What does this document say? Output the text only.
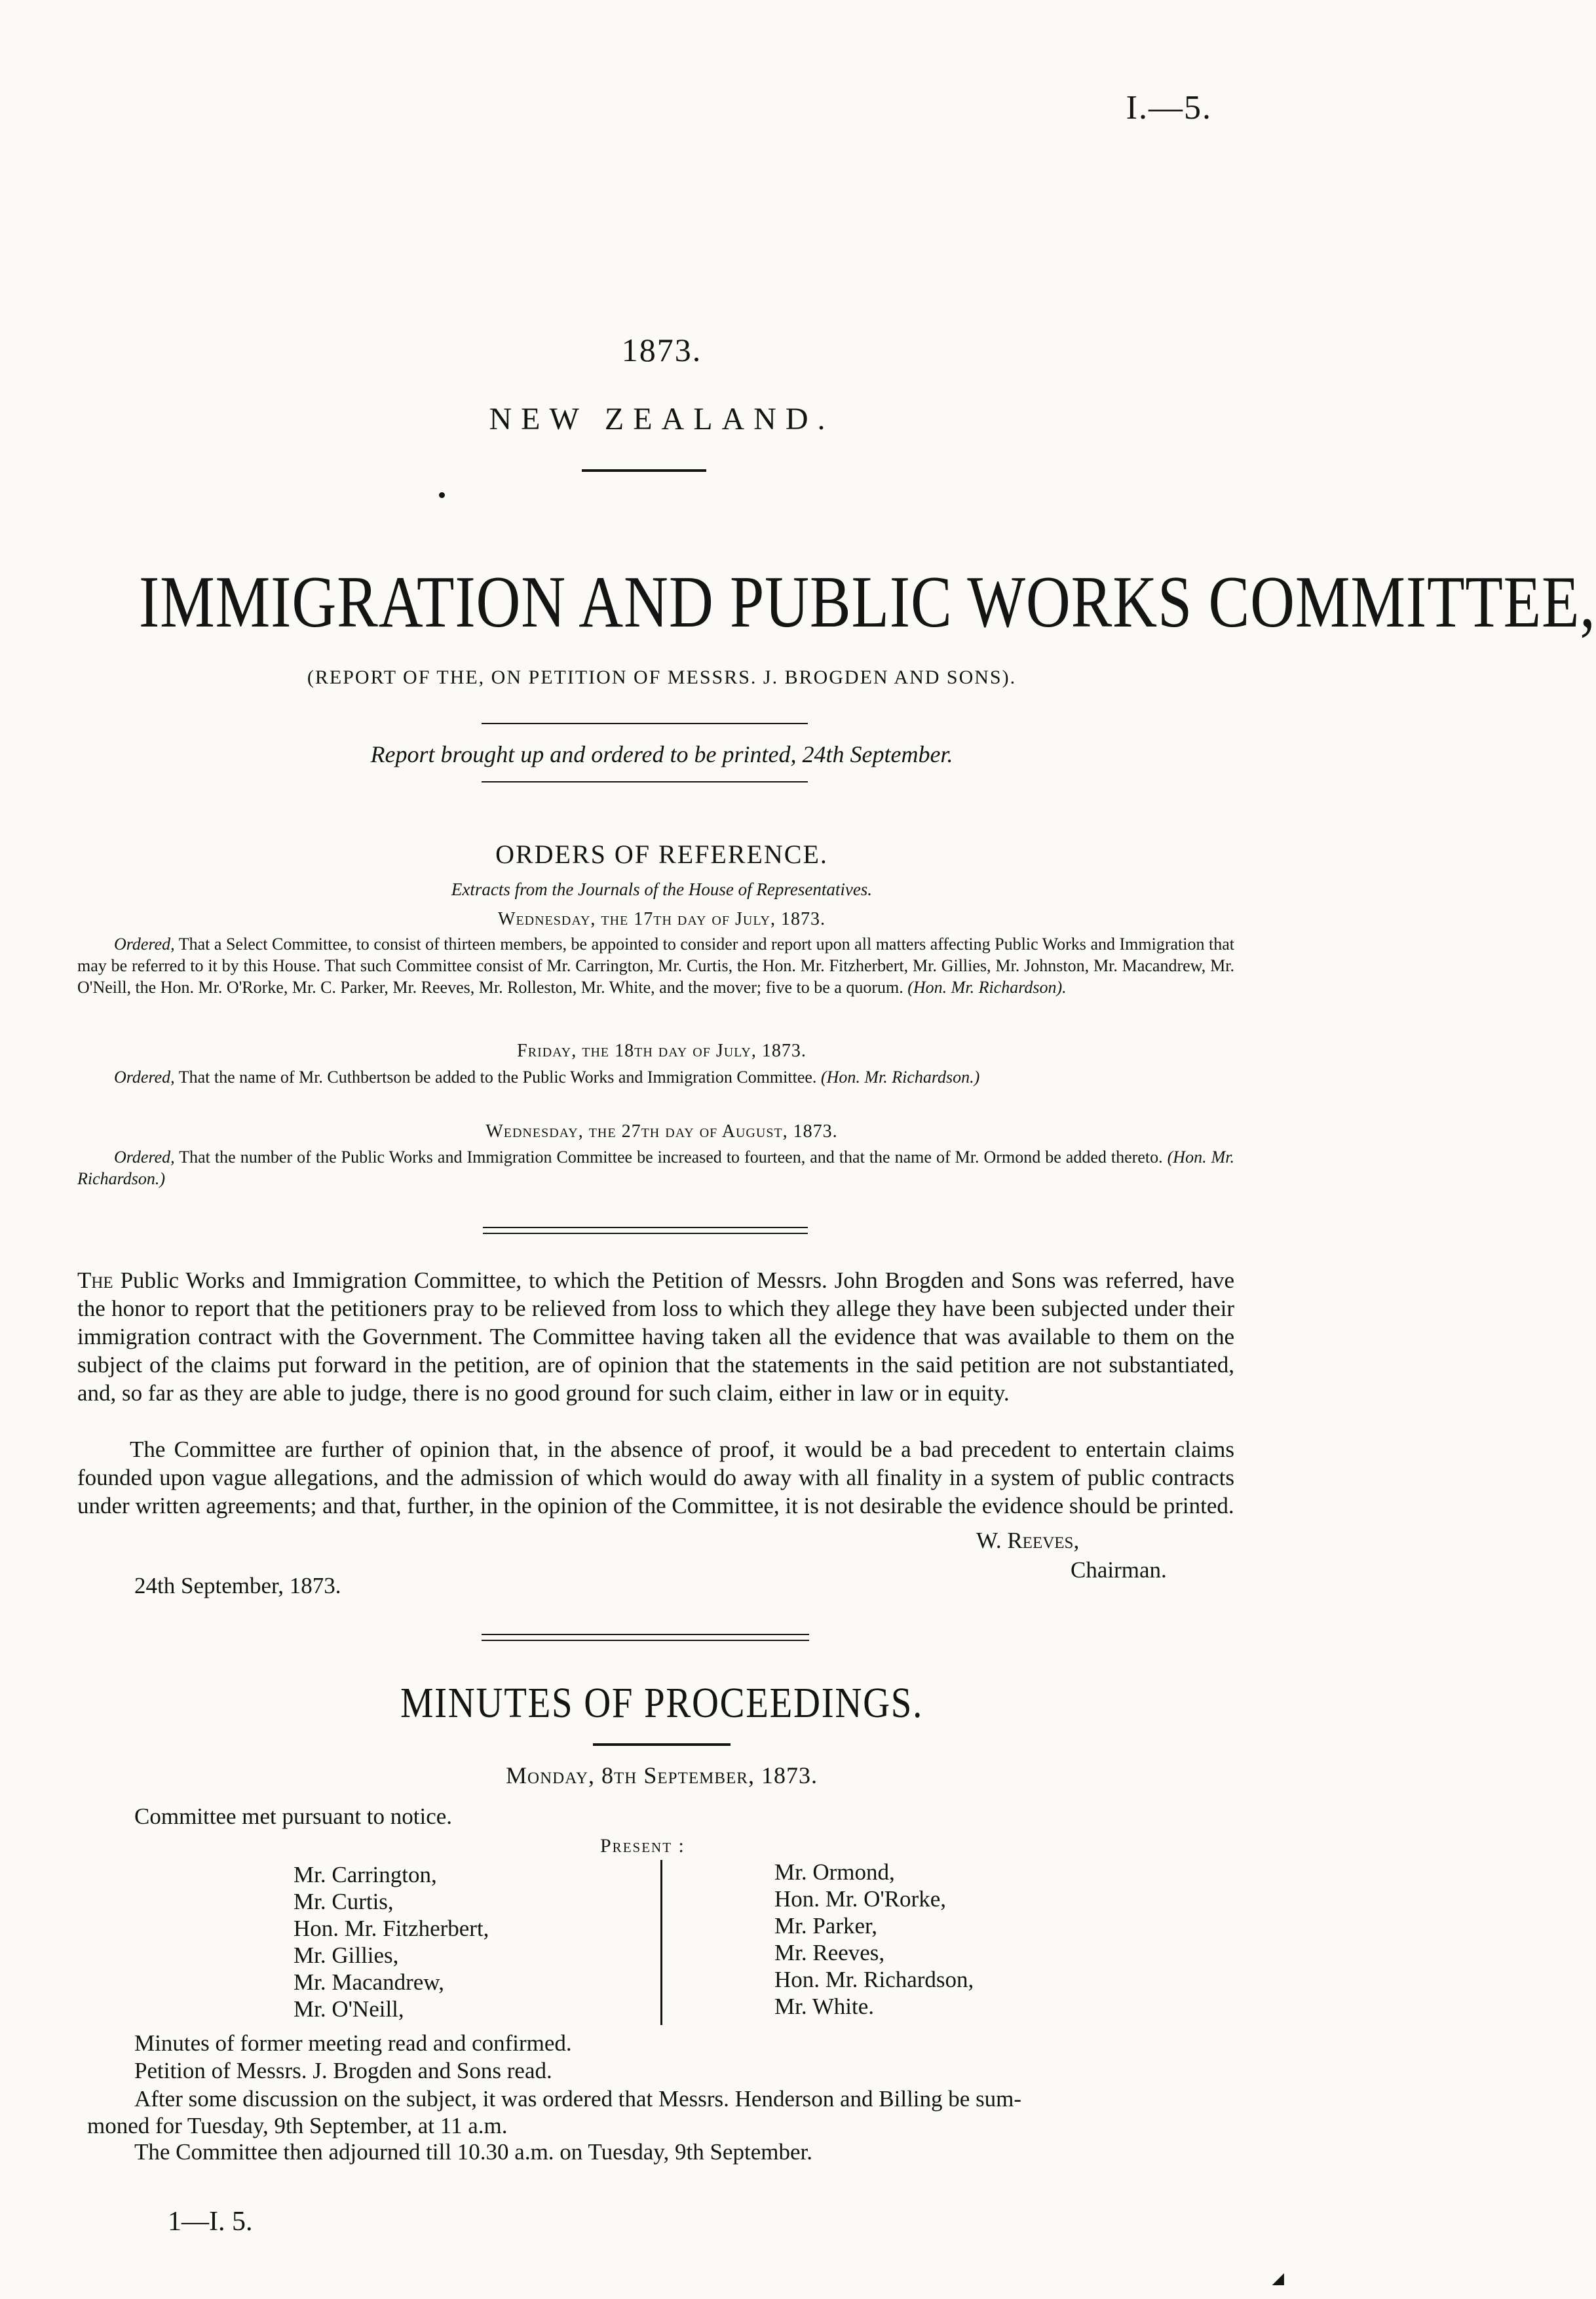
I.—5.
1873.
NEW ZEALAND.
IMMIGRATION AND PUBLIC WORKS COMMITTEE,
(REPORT OF THE, ON PETITION OF MESSRS. J. BROGDEN AND SONS).
Report brought up and ordered to be printed, 24th September.
ORDERS OF REFERENCE.
Extracts from the Journals of the House of Representatives.
Wednesday, the 17th day of July, 1873.
Ordered, That a Select Committee, to consist of thirteen members, be appointed to consider and report upon all matters affecting Public Works and Immigration that may be referred to it by this House. That such Committee consist of Mr. Carrington, Mr. Curtis, the Hon. Mr. Fitzherbert, Mr. Gillies, Mr. Johnston, Mr. Macandrew, Mr. O'Neill, the Hon. Mr. O'Rorke, Mr. C. Parker, Mr. Reeves, Mr. Rolleston, Mr. White, and the mover; five to be a quorum. (Hon. Mr. Richardson).
Friday, the 18th day of July, 1873.
Ordered, That the name of Mr. Cuthbertson be added to the Public Works and Immigration Committee. (Hon. Mr. Richardson.)
Wednesday, the 27th day of August, 1873.
Ordered, That the number of the Public Works and Immigration Committee be increased to fourteen, and that the name of Mr. Ormond be added thereto. (Hon. Mr. Richardson.)
The Public Works and Immigration Committee, to which the Petition of Messrs. John Brogden and Sons was referred, have the honor to report that the petitioners pray to be relieved from loss to which they allege they have been subjected under their immigration contract with the Government. The Committee having taken all the evidence that was available to them on the subject of the claims put forward in the petition, are of opinion that the statements in the said petition are not substantiated, and, so far as they are able to judge, there is no good ground for such claim, either in law or in equity.
The Committee are further of opinion that, in the absence of proof, it would be a bad precedent to entertain claims founded upon vague allegations, and the admission of which would do away with all finality in a system of public contracts under written agreements; and that, further, in the opinion of the Committee, it is not desirable the evidence should be printed.
W. Reeves,
Chairman.
24th September, 1873.
MINUTES OF PROCEEDINGS.
Monday, 8th September, 1873.
Committee met pursuant to notice.
Present :
Mr. Carrington,
Mr. Curtis,
Hon. Mr. Fitzherbert,
Mr. Gillies,
Mr. Macandrew,
Mr. O'Neill,
Mr. Ormond,
Hon. Mr. O'Rorke,
Mr. Parker,
Mr. Reeves,
Hon. Mr. Richardson,
Mr. White.
Minutes of former meeting read and confirmed.
Petition of Messrs. J. Brogden and Sons read.
After some discussion on the subject, it was ordered that Messrs. Henderson and Billing be sum-
moned for Tuesday, 9th September, at 11 a.m.
The Committee then adjourned till 10.30 a.m. on Tuesday, 9th September.
1—I. 5.
◢
